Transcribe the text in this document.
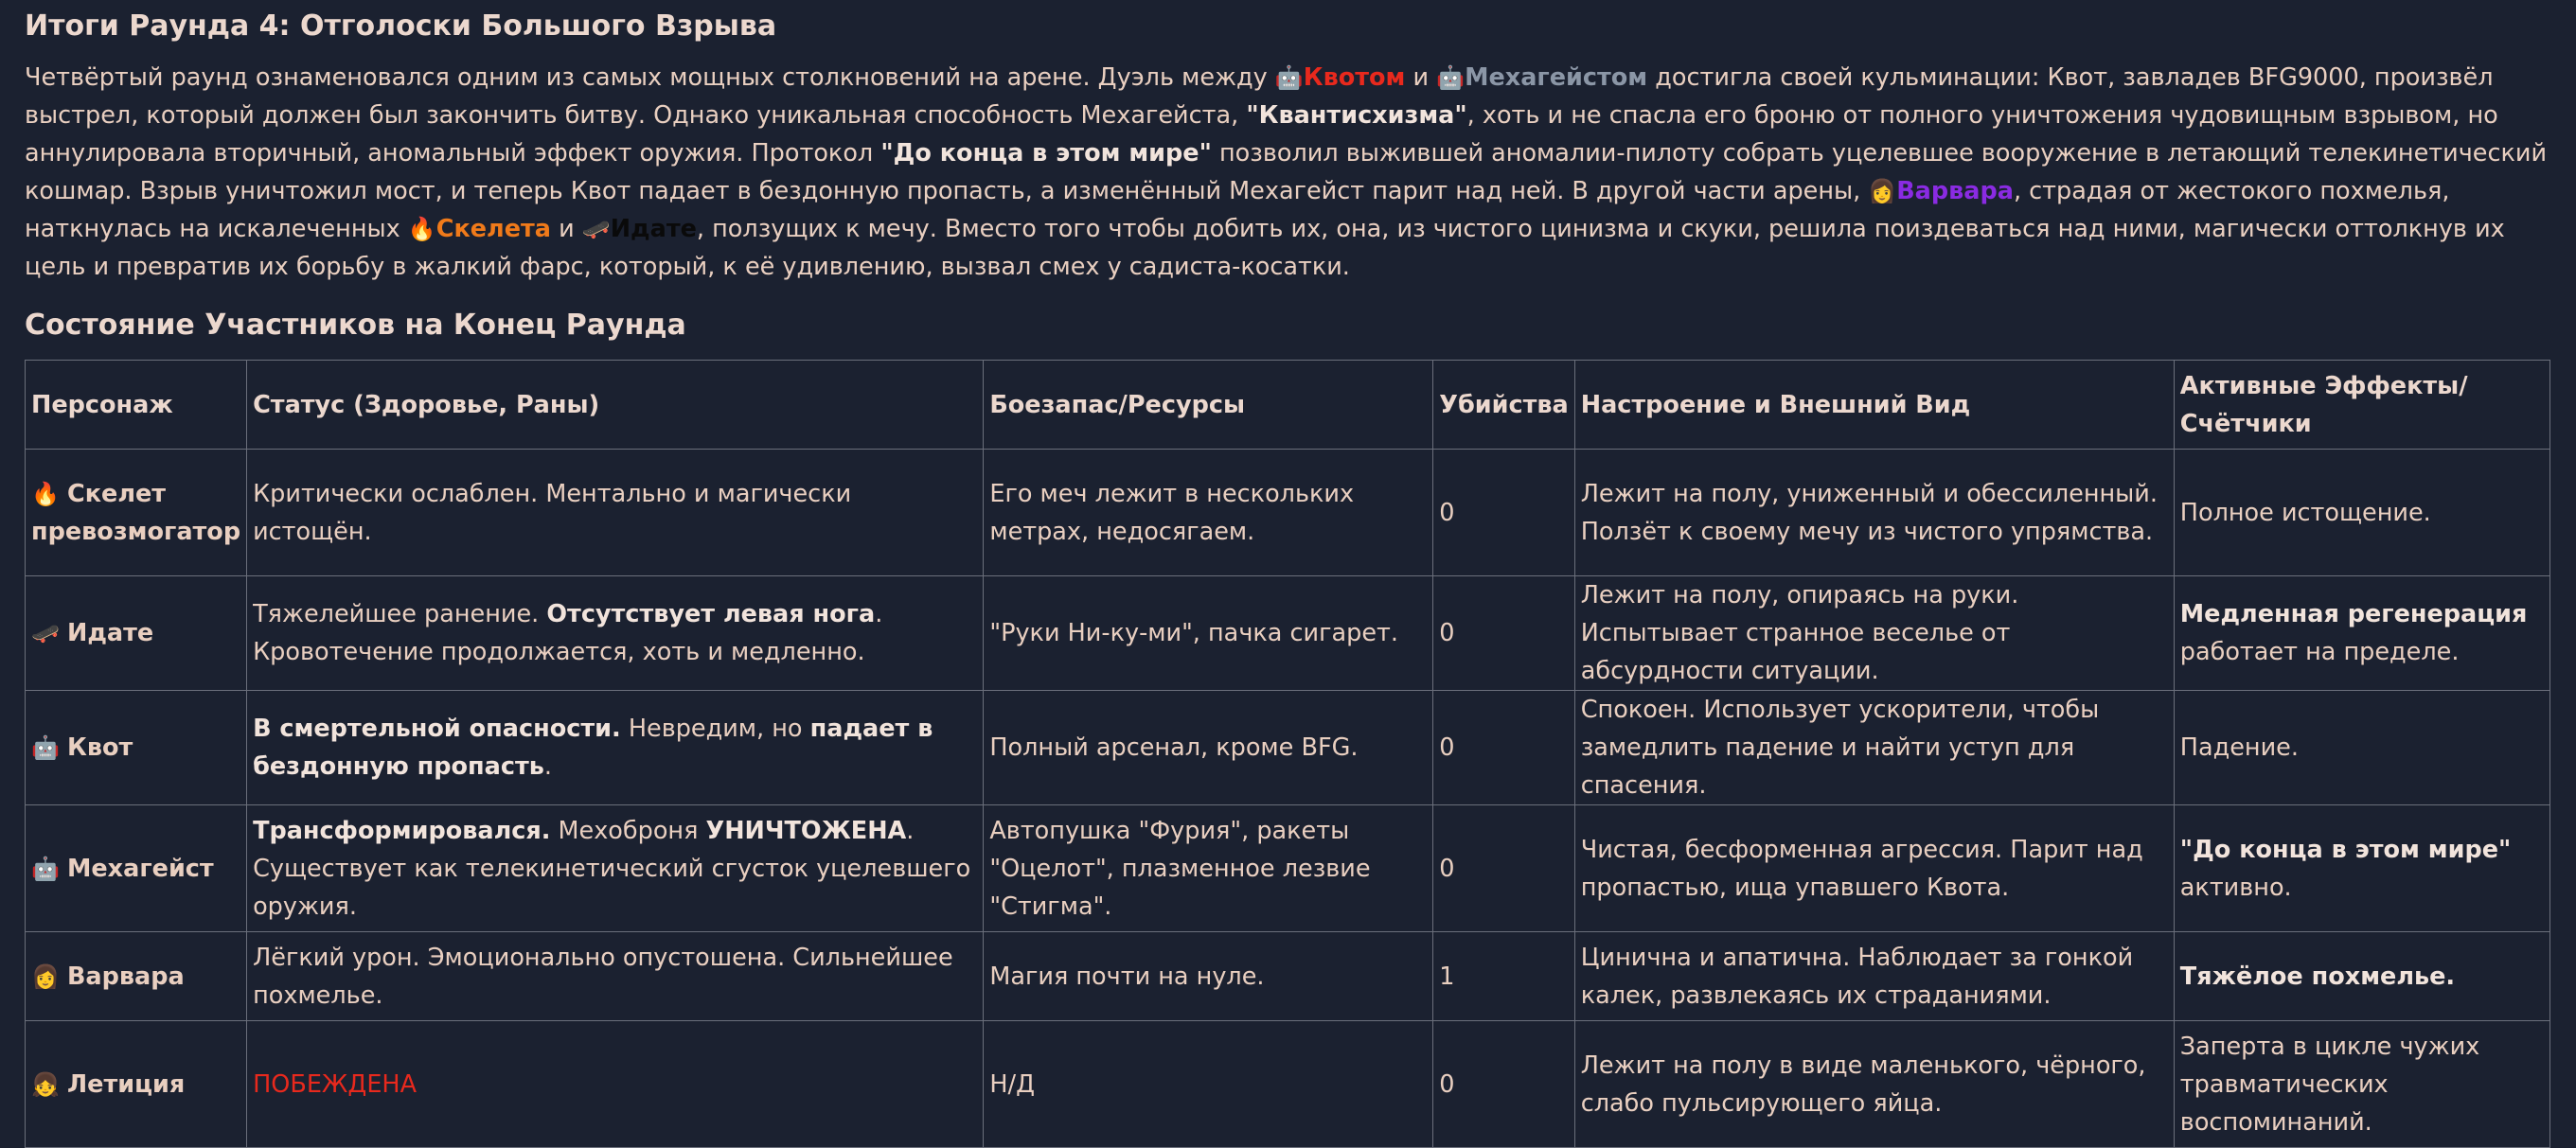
Итоги Раунда 4: Отголоски Большого Взрыва

Четвёртый раунд ознаменовался одним из самых мощных столкновений на арене. Дуэль между 🤖Квотом и 🤖Мехагейстом достигла своей кульминации: Квот, завладев BFG9000, произвёл выстрел, который должен был закончить битву. Однако уникальная способность Мехагейста, "Квантисхизма", хоть и не спасла его броню от полного уничтожения чудовищным взрывом, но аннулировала вторичный, аномальный эффект оружия. Протокол "До конца в этом мире" позволил выжившей аномалии-пилоту собрать уцелевшее вооружение в летающий телекинетический кошмар. Взрыв уничтожил мост, и теперь Квот падает в бездонную пропасть, а изменённый Мехагейст парит над ней. В другой части арены, 👩Варвара, страдая от жестокого похмелья, наткнулась на искалеченных 🔥Скелета и 🛹Идате, ползущих к мечу. Вместо того чтобы добить их, она, из чистого цинизма и скуки, решила поиздеваться над ними, магически оттолкнув их цель и превратив их борьбу в жалкий фарс, который, к её удивлению, вызвал смех у садиста-косатки.

Состояние Участников на Конец Раунда
Персонаж	Статус (Здоровье, Раны)	Боезапас/Ресурсы	Убийства	Настроение и Внешний Вид	Активные Эффекты/ Счётчики
🔥 Скелет превозмогатор	Критически ослаблен. Ментально и магически истощён.	Его меч лежит в нескольких метрах, недосягаем.	0	Лежит на полу, униженный и обессиленный. Ползёт к своему мечу из чистого упрямства.	Полное истощение.
🛹 Идате	Тяжелейшее ранение. Отсутствует левая нога. Кровотечение продолжается, хоть и медленно.	"Руки Ни-ку-ми", пачка сигарет.	0	Лежит на полу, опираясь на руки. Испытывает странное веселье от абсурдности ситуации.	Медленная регенерация работает на пределе.
🤖 Квот	В смертельной опасности. Невредим, но падает в бездонную пропасть.	Полный арсенал, кроме BFG.	0	Спокоен. Использует ускорители, чтобы замедлить падение и найти уступ для спасения.	Падение.
🤖 Мехагейст	Трансформировался. Мехоброня УНИЧТОЖЕНА. Существует как телекинетический сгусток уцелевшего оружия.	Автопушка "Фурия", ракеты "Оцелот", плазменное лезвие "Стигма".	0	Чистая, бесформенная агрессия. Парит над пропастью, ища упавшего Квота.	"До конца в этом мире" активно.
👩 Варвара	Лёгкий урон. Эмоционально опустошена. Сильнейшее похмелье.	Магия почти на нуле.	1	Цинична и апатична. Наблюдает за гонкой калек, развлекаясь их страданиями.	Тяжёлое похмелье.
👧 Летиция	ПОБЕЖДЕНА	Н/Д	0	Лежит на полу в виде маленького, чёрного, слабо пульсирующего яйца.	Заперта в цикле чужих травматических воспоминаний.
